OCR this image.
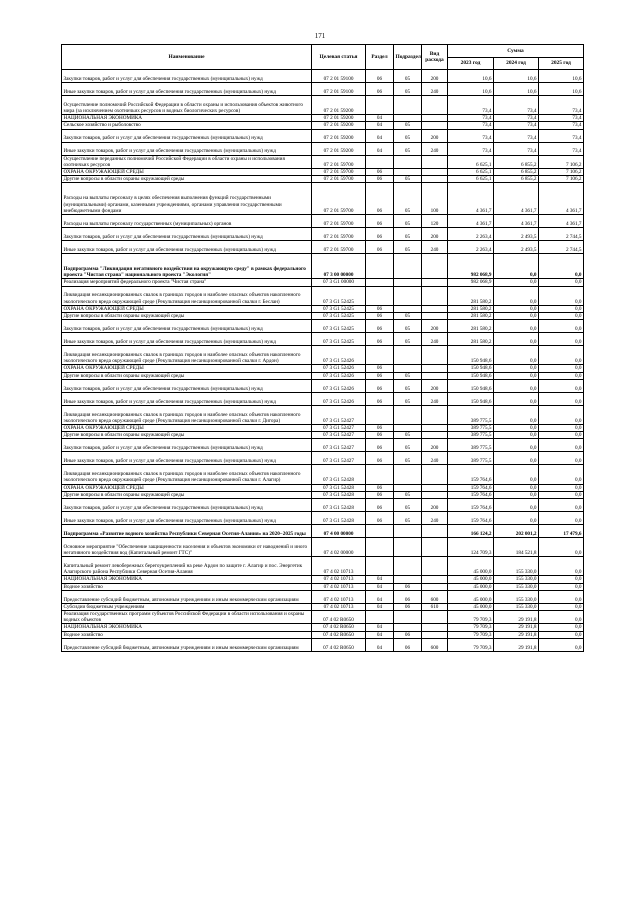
171
Наименование	Целевая статья	Раздел	Подраздел	Вид расхода	Сумма		
					2023 год	2024 год	2025 год
Закупки товаров, работ и услуг для обеспечения государственных (муниципальных) нужд	07 2 01 59100	06	05	200	10,6	10,6	10,6
Иные закупки товаров, работ и услуг для обеспечения государственных (муниципальных) нужд	07 2 01 59100	06	05	240	10,6	10,6	10,6
Осуществление полномочий Российской Федерации в области охраны и использования объектов животного мира (за исключением охотничьих ресурсов и водных биологических ресурсов)	07 2 01 59200				73,4	73,4	73,4
НАЦИОНАЛЬНАЯ ЭКОНОМИКА	07 2 01 59200	04			73,4	73,4	73,4
Сельское хозяйство и рыболовство	07 2 01 59200	04	05		73,4	73,4	73,4
Закупки товаров, работ и услуг для обеспечения государственных (муниципальных) нужд	07 2 01 59200	04	05	200	73,4	73,4	73,4
Иные закупки товаров, работ и услуг для обеспечения государственных (муниципальных) нужд	07 2 01 59200	04	05	240	73,4	73,4	73,4
Осуществление переданных полномочий Российской Федерации в области охраны и использования охотничьих ресурсов	07 2 01 59700				6 625,1	6 855,2	7 106,2
ОХРАНА ОКРУЖАЮЩЕЙ СРЕДЫ	07 2 01 59700	06			6 625,1	6 855,2	7 106,2
Другие вопросы в области охраны окружающей среды	07 2 01 59700	06	05		6 625,1	6 855,2	7 106,2
Расходы на выплаты персоналу в целях обеспечения выполнения функций государственными (муниципальными) органами, казенными учреждениями, органами управления государственными внебюджетными фондами	07 2 01 59700	06	05	100	4 361,7	4 361,7	4 361,7
Расходы на выплаты персоналу государственных (муниципальных) органов	07 2 01 59700	06	05	120	4 361,7	4 361,7	4 361,7
Закупки товаров, работ и услуг для обеспечения государственных (муниципальных) нужд	07 2 01 59700	06	05	200	2 263,4	2 493,5	2 744,5
Иные закупки товаров, работ и услуг для обеспечения государственных (муниципальных) нужд	07 2 01 59700	06	05	240	2 263,4	2 493,5	2 744,5
Подпрограмма "Ликвидация негативного воздействия на окружающую среду" в рамках федерального проекта "Чистая страна" национального проекта "Экология"	07 3 00 00000				982 068,9	0,0	0,0
Реализация мероприятий федерального проекта "Чистая страна"	07 3 G1 00000				982 068,9	0,0	0,0
Ликвидация несанкционированных свалок в границах городов и наиболее опасных объектов накопленного экологического вреда окружающей среде (Рекультивация несанкционированной свалки г. Беслан)	07 3 G1 52425				281 580,2	0,0	0,0
ОХРАНА ОКРУЖАЮЩЕЙ СРЕДЫ	07 3 G1 52425	06			281 580,2	0,0	0,0
Другие вопросы в области охраны окружающей среды	07 3 G1 52425	06	05		281 580,2	0,0	0,0
Закупки товаров, работ и услуг для обеспечения государственных (муниципальных) нужд	07 3 G1 52425	06	05	200	281 580,2	0,0	0,0
Иные закупки товаров, работ и услуг для обеспечения государственных (муниципальных) нужд	07 3 G1 52425	06	05	240	281 580,2	0,0	0,0
Ликвидация несанкционированных свалок в границах городов и наиболее опасных объектов накопленного экологического вреда окружающей среде (Рекультивация несанкционированной свалки г. Ардон)	07 3 G1 52426				150 948,6	0,0	0,0
ОХРАНА ОКРУЖАЮЩЕЙ СРЕДЫ	07 3 G1 52426	06			150 948,6	0,0	0,0
Другие вопросы в области охраны окружающей среды	07 3 G1 52426	06	05		150 948,6	0,0	0,0
Закупки товаров, работ и услуг для обеспечения государственных (муниципальных) нужд	07 3 G1 52426	06	05	200	150 948,6	0,0	0,0
Иные закупки товаров, работ и услуг для обеспечения государственных (муниципальных) нужд	07 3 G1 52426	06	05	240	150 948,6	0,0	0,0
Ликвидация несанкционированных свалок в границах городов и наиболее опасных объектов накопленного экологического вреда окружающей среде (Рекультивация несанкционированной свалки г. Дигора)	07 3 G1 52427				389 775,5	0,0	0,0
ОХРАНА ОКРУЖАЮЩЕЙ СРЕДЫ	07 3 G1 52427	06			389 775,5	0,0	0,0
Другие вопросы в области охраны окружающей среды	07 3 G1 52427	06	05		389 775,5	0,0	0,0
Закупки товаров, работ и услуг для обеспечения государственных (муниципальных) нужд	07 3 G1 52427	06	05	200	389 775,5	0,0	0,0
Иные закупки товаров, работ и услуг для обеспечения государственных (муниципальных) нужд	07 3 G1 52427	06	05	240	389 775,5	0,0	0,0
Ликвидация несанкционированных свалок в границах городов и наиболее опасных объектов накопленного экологического вреда окружающей среде (Рекультивация несанкционированной свалки г. Алагир)	07 3 G1 52428				159 764,6	0,0	0,0
ОХРАНА ОКРУЖАЮЩЕЙ СРЕДЫ	07 3 G1 52428	06			159 764,6	0,0	0,0
Другие вопросы в области охраны окружающей среды	07 3 G1 52428	06	05		159 764,6	0,0	0,0
Закупки товаров, работ и услуг для обеспечения государственных (муниципальных) нужд	07 3 G1 52428	06	05	200	159 764,6	0,0	0,0
Иные закупки товаров, работ и услуг для обеспечения государственных (муниципальных) нужд	07 3 G1 52428	06	05	240	159 764,6	0,0	0,0
Подпрограмма «Развитие водного хозяйства Республики Северная Осетия-Алания» на 2020−2025 годы	07 4 00 00000				166 124,2	202 001,2	17 479,6
Основное мероприятие "Обеспечение защищенности населения и объектов экономики от наводнений и иного негативного воздействия вод (Капитальный ремонт ГТС)"	07 4 02 00000				124 709,3	184 521,8	0,0
Капитальный ремонт левобережных берегоукреплений на реке Ардон по защите г. Алагир и пос. Энергетик Алагирского района Республики Северная Осетия-Алания	07 4 02 10713				45 000,0	155 330,0	0,0
НАЦИОНАЛЬНАЯ ЭКОНОМИКА	07 4 02 10713	04			45 000,0	155 330,0	0,0
Водное хозяйство	07 4 02 10713	04	06		45 000,0	155 330,0	0,0
Предоставление субсидий бюджетным, автономным учреждениям и иным некоммерческим организациям	07 4 02 10713	04	06	600	45 000,0	155 330,0	0,0
Субсидии бюджетным учреждениям	07 4 02 10713	04	06	610	45 000,0	155 330,0	0,0
Реализация государственных программ субъектов Российской Федерации в области использования и охраны водных объектов	07 4 02 R0650				79 709,3	29 191,8	0,0
НАЦИОНАЛЬНАЯ ЭКОНОМИКА	07 4 02 R0650	04			79 709,3	29 191,8	0,0
Водное хозяйство	07 4 02 R0650	04	06		79 709,3	29 191,8	0,0
Предоставление субсидий бюджетным, автономным учреждениям и иным некоммерческим организациям	07 4 02 R0650	04	06	600	79 709,3	29 191,8	0,0
